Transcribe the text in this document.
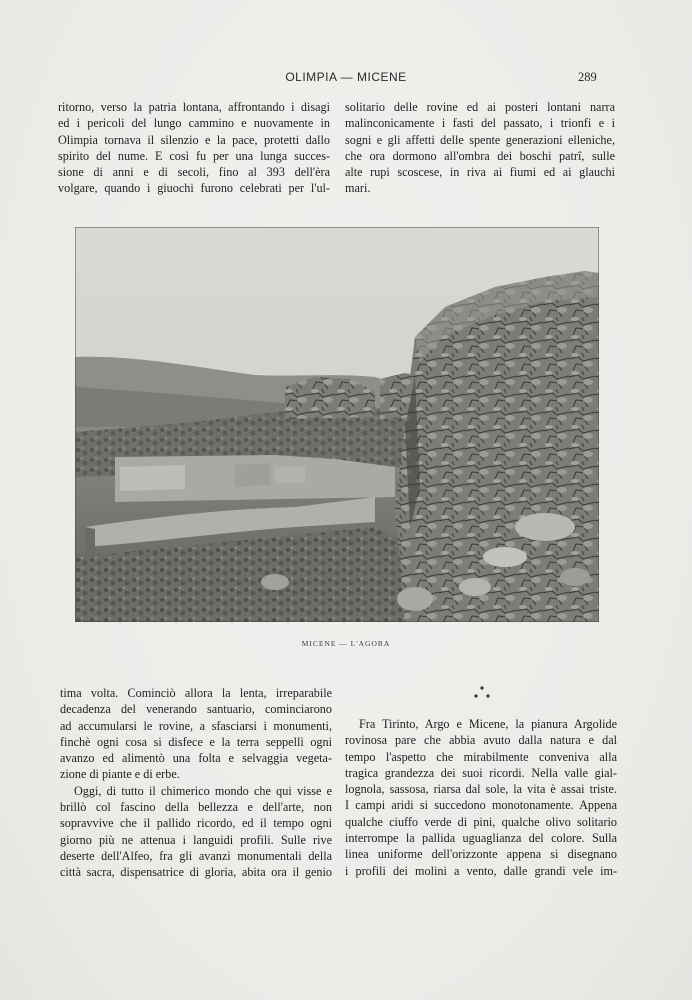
OLIMPIA — MICENE	289

ritorno, verso la patria lontana, affrontando i disagi

ed i pericoli del lungo cammino e nuovamente in

Olimpia tornava il silenzio e la pace, protetti dallo

spirito del nume. E così fu per una lunga succes-

sione di anni e di secoli, fino al 393 dell'èra

volgare, quando i giuochi furono celebrati per l'ul-

solitario delle rovine ed ai posteri lontani narra

malinconicamente i fasti del passato, i trionfi e i

sogni e gli affetti delle spente generazioni elleniche,

che ora dormono all'ombra dei boschi patrî, sulle

alte rupi scoscese, in riva ai fiumi ed ai glauchi

mari.

MICENE — L'AGORA

tima volta. Cominciò allora la lenta, irreparabile

decadenza del venerando santuario, cominciarono

ad accumularsi le rovine, a sfasciarsi i monumenti,

finchè ogni cosa si disfece e la terra seppellì ogni

avanzo ed alimentò una folta e selvaggia vegeta-

zione di piante e di erbe.

Oggi, di tutto il chimerico mondo che qui visse e

brillò col fascino della bellezza e dell'arte, non

sopravvive che il pallido ricordo, ed il tempo ogni

giorno più ne attenua i languidi profili. Sulle rive

deserte dell'Alfeo, fra gli avanzi monumentali della

città sacra, dispensatrice di gloria, abita ora il genio

Fra Tirinto, Argo e Micene, la pianura Argolide

rovinosa pare che abbia avuto dalla natura e dal

tempo l'aspetto che mirabilmente conveniva alla

tragica grandezza dei suoi ricordi. Nella valle gial-

lognola, sassosa, riarsa dal sole, la vita è assai triste.

I campi aridi si succedono monotonamente. Appena

qualche ciuffo verde di pini, qualche olivo solitario

interrompe la pallida uguaglianza del colore. Sulla

linea uniforme dell'orizzonte appena si disegnano

i profili dei molini a vento, dalle grandi vele im-
